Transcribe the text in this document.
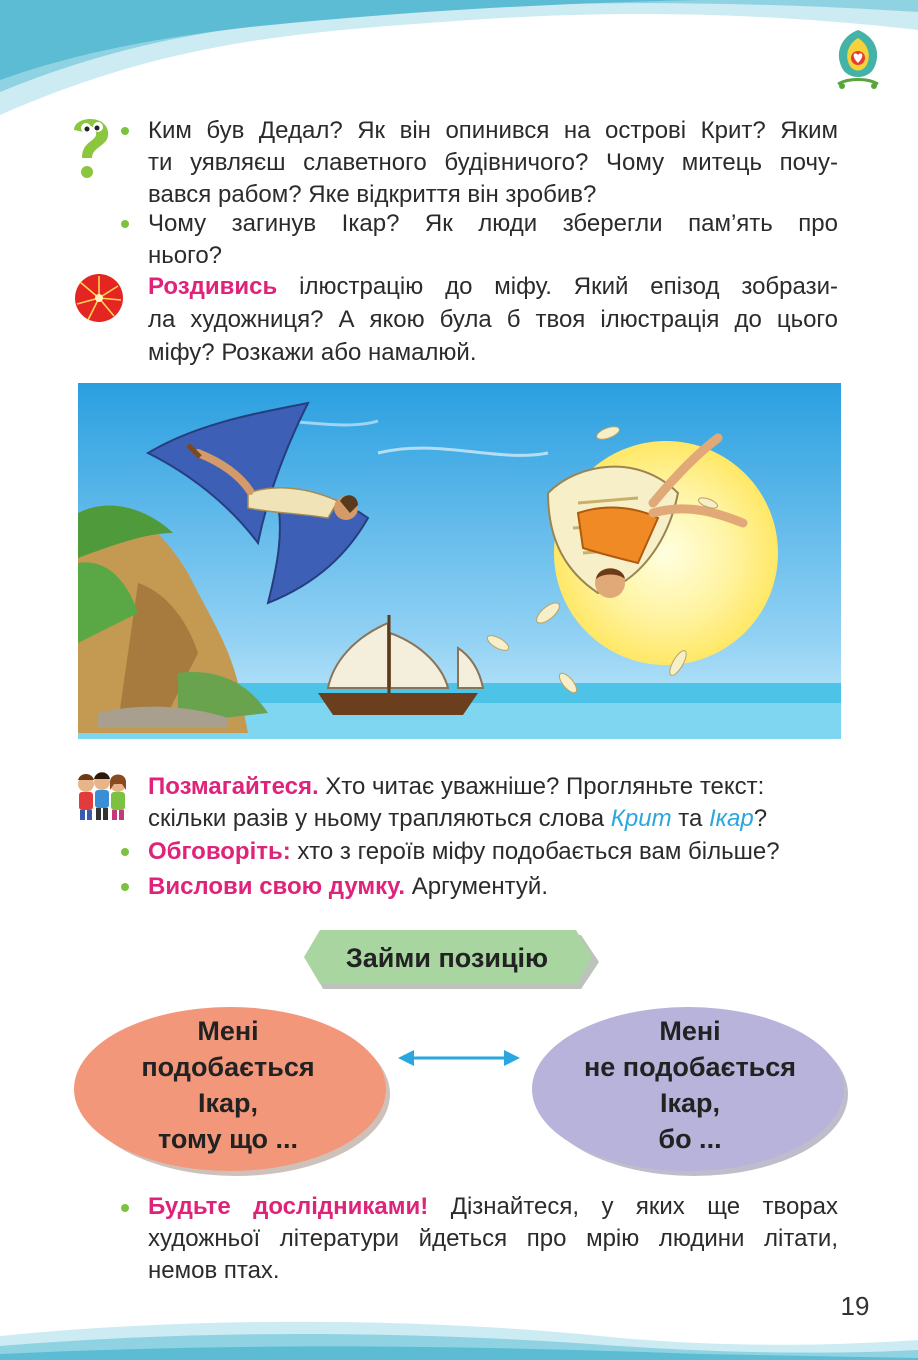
Ким був Дедал? Як він опинився на острові Крит? Яким
ти уявляєш славетного будівничого? Чому митець почу-
вався рабом? Яке відкриття він зробив?
Чому загинув Ікар? Як люди зберегли пам’ять про
нього?
Роздивись ілюстрацію до міфу. Який епізод зобрази-
ла художниця? А якою була б твоя ілюстрація до цього
міфу? Розкажи або намалюй.
Позмагайтеся. Хто читає уважніше? Прогляньте текст:
скільки разів у ньому трапляються слова Крит та Ікар?
Обговоріть: хто з героїв міфу подобається вам більше?
Вислови свою думку. Аргументуй.
Займи позицію
Мені
подобається
Ікар,
тому що ...
Мені
не подобається
Ікар,
бо ...
Будьте дослідниками! Дізнайтеся, у яких ще творах
художньої літератури йдеться про мрію людини літати,
немов птах.
19
